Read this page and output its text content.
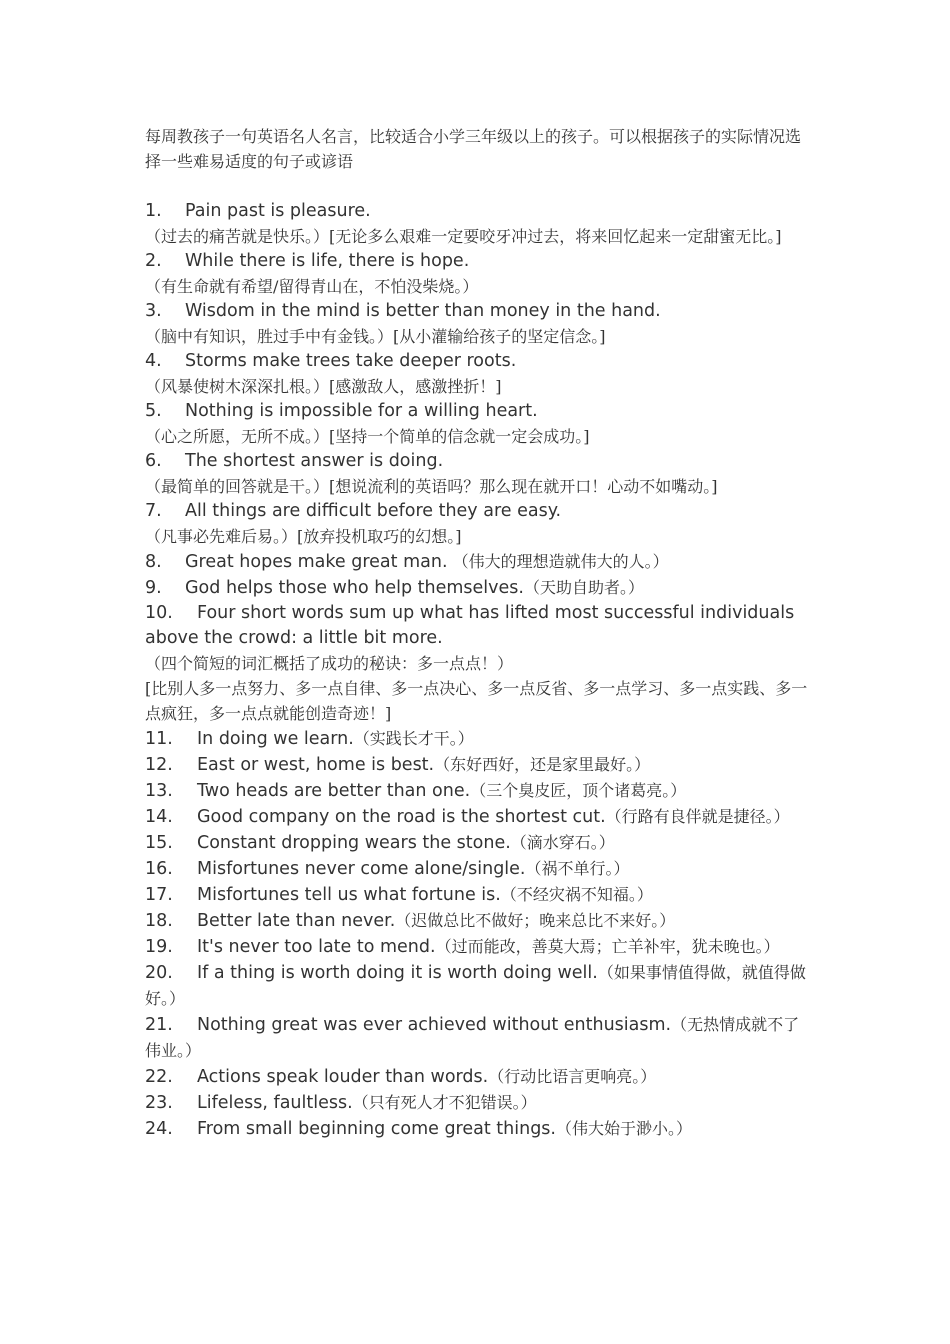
每周教孩子一句英语名人名言，比较适合小学三年级以上的孩子。可以根据孩子的实际情况选择一些难易适度的句子或谚语

1. Pain past is pleasure.
（过去的痛苦就是快乐。）[无论多么艰难一定要咬牙冲过去，将来回忆起来一定甜蜜无比。]
2. While there is life, there is hope.
（有生命就有希望/留得青山在，不怕没柴烧。）
3. Wisdom in the mind is better than money in the hand.
（脑中有知识，胜过手中有金钱。）[从小灌输给孩子的坚定信念。]
4. Storms make trees take deeper roots.
（风暴使树木深深扎根。）[感激敌人，感激挫折！]
5. Nothing is impossible for a willing heart.
（心之所愿，无所不成。）[坚持一个简单的信念就一定会成功。]
6. The shortest answer is doing.
（最简单的回答就是干。）[想说流利的英语吗？那么现在就开口！心动不如嘴动。]
7. All things are difficult before they are easy.
（凡事必先难后易。）[放弃投机取巧的幻想。]
8. Great hopes make great man. （伟大的理想造就伟大的人。）
9. God helps those who help themselves.（天助自助者。）
10. Four short words sum up what has lifted most successful individuals above the crowd: a little bit more.
（四个简短的词汇概括了成功的秘诀：多一点点！）
[比别人多一点努力、多一点自律、多一点决心、多一点反省、多一点学习、多一点实践、多一点疯狂，多一点点就能创造奇迹！]
11. In doing we learn.（实践长才干。）
12. East or west, home is best.（东好西好，还是家里最好。）
13. Two heads are better than one.（三个臭皮匠，顶个诸葛亮。）
14. Good company on the road is the shortest cut.（行路有良伴就是捷径。）
15. Constant dropping wears the stone.（滴水穿石。）
16. Misfortunes never come alone/single.（祸不单行。）
17. Misfortunes tell us what fortune is.（不经灾祸不知福。）
18. Better late than never.（迟做总比不做好；晚来总比不来好。）
19. It's never too late to mend.（过而能改，善莫大焉；亡羊补牢，犹未晚也。）
20. If a thing is worth doing it is worth doing well.（如果事情值得做，就值得做好。）
21. Nothing great was ever achieved without enthusiasm.（无热情成就不了伟业。）
22. Actions speak louder than words.（行动比语言更响亮。）
23. Lifeless, faultless.（只有死人才不犯错误。）
24. From small beginning come great things.（伟大始于渺小。）
